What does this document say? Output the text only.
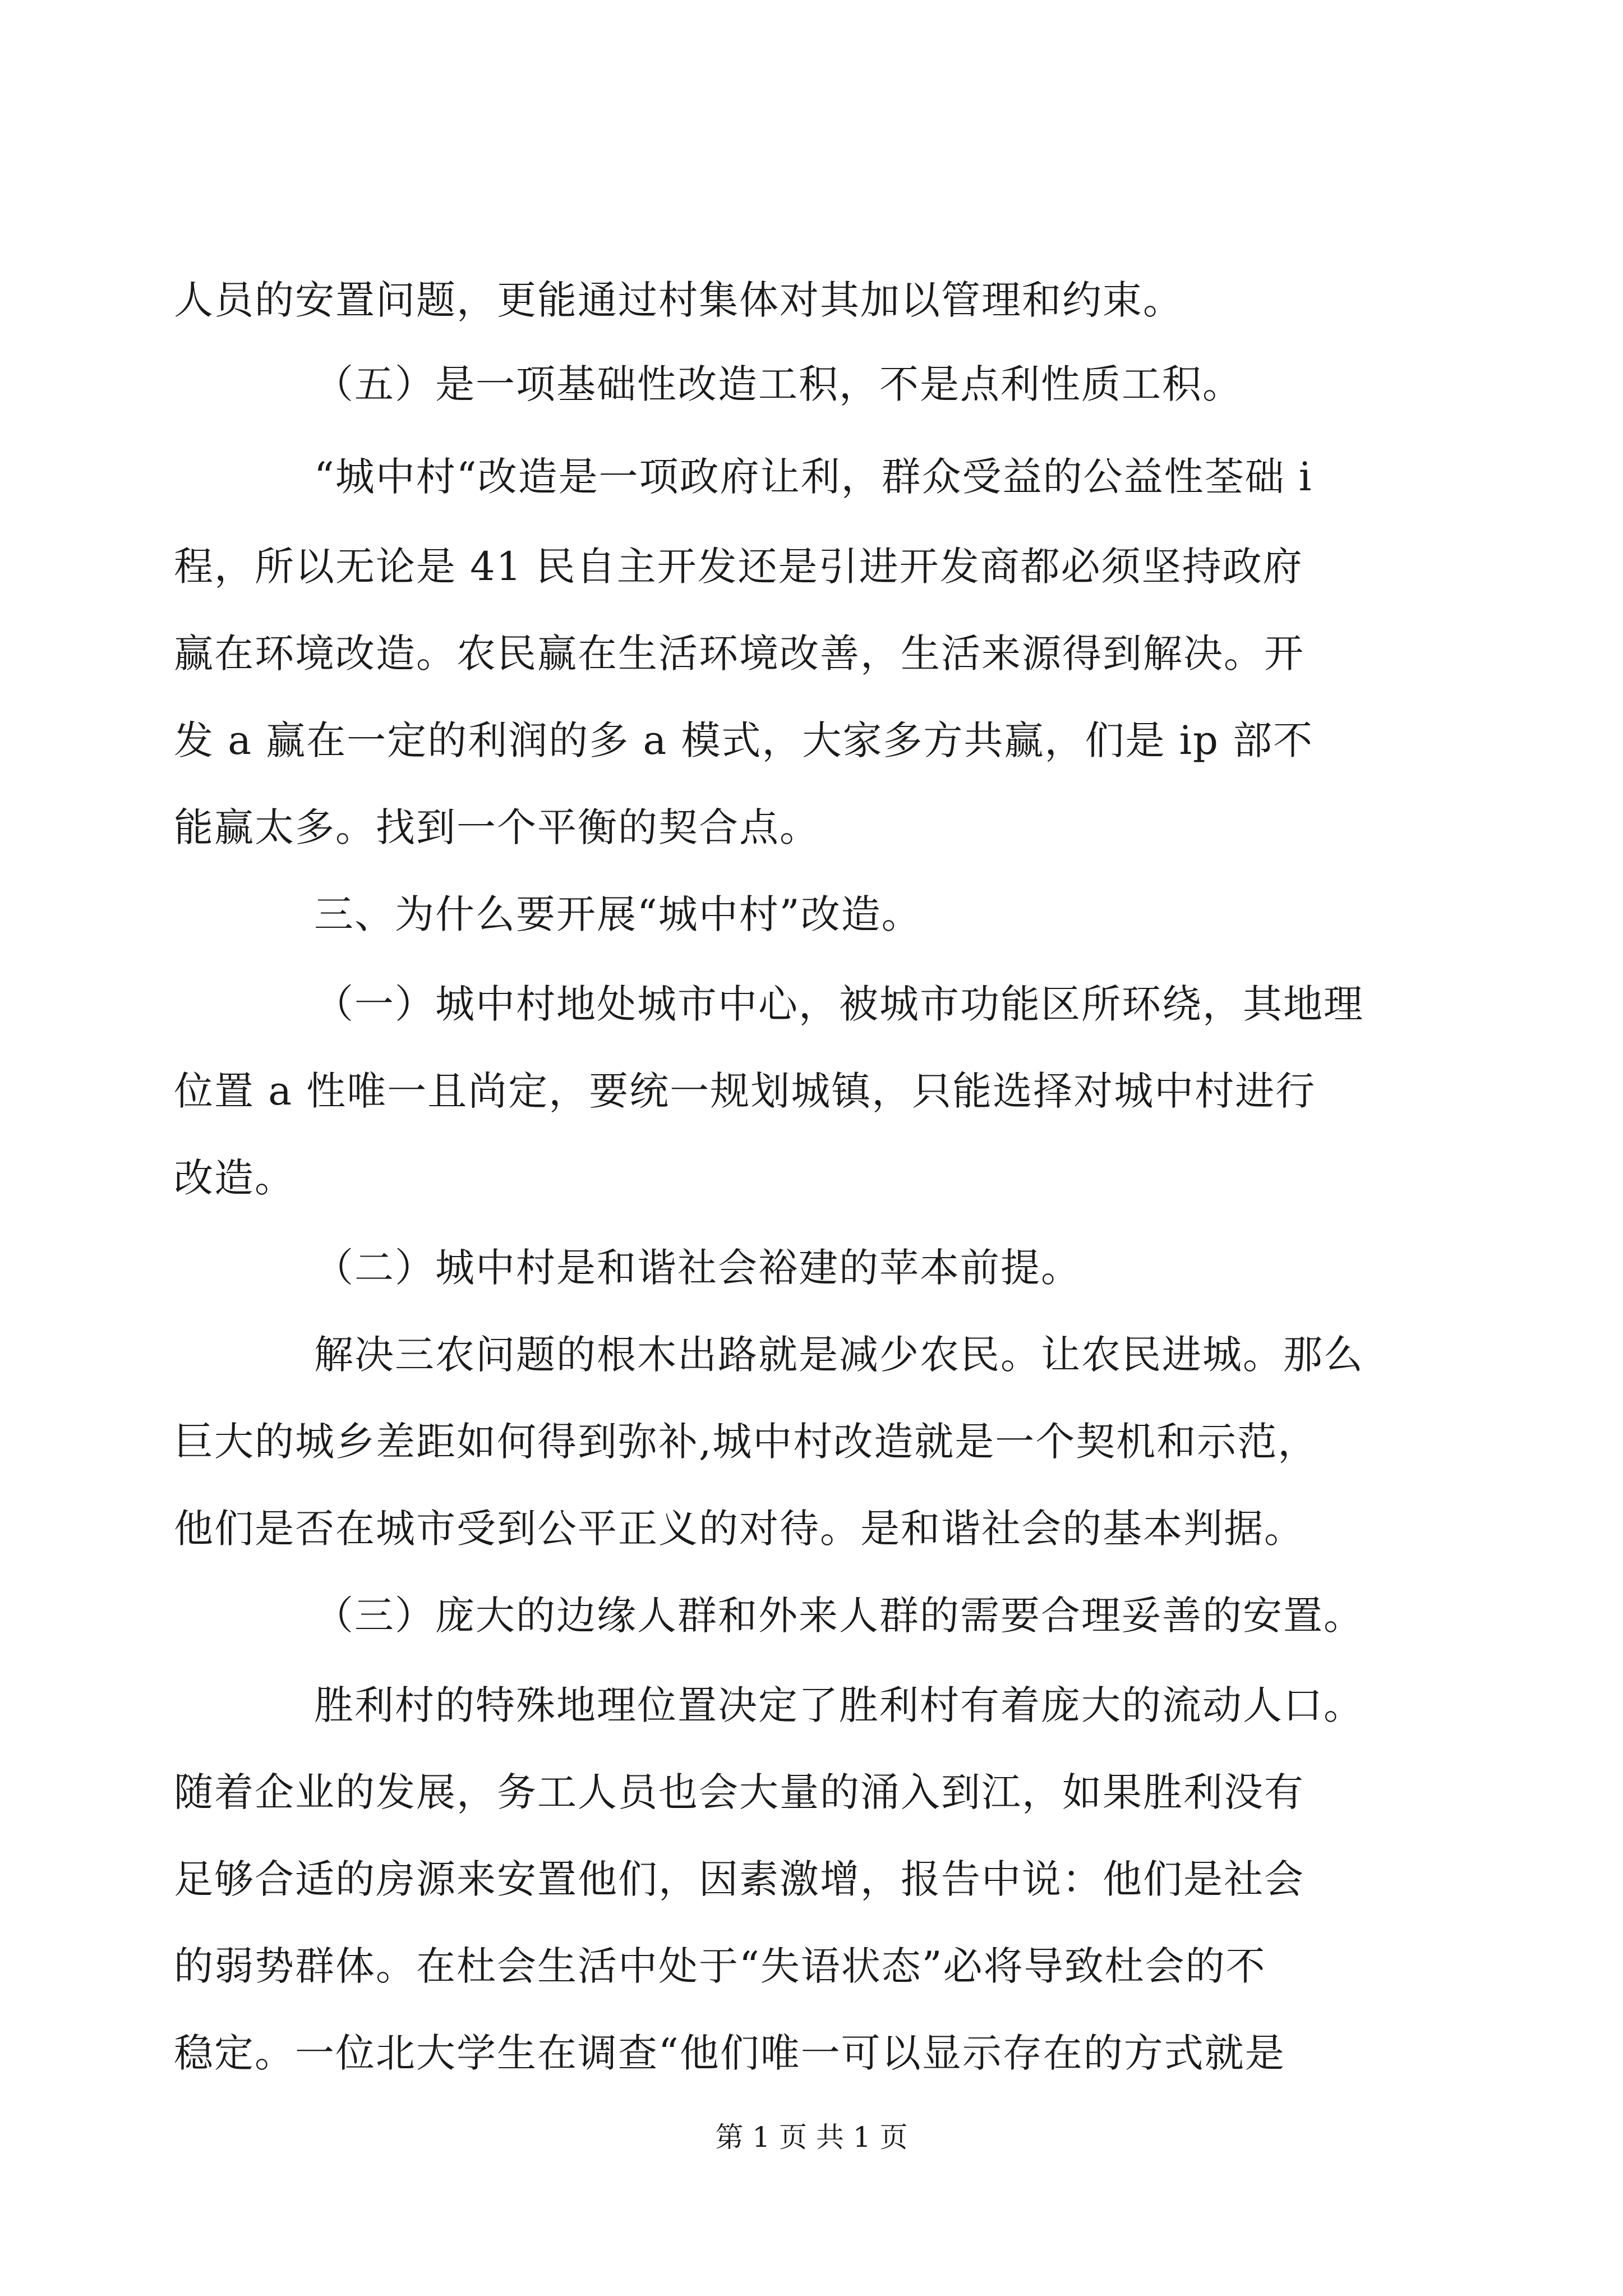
人员的安置问题，更能通过村集体对其加以管理和约束。
（五）是一项基础性改造工积，不是点利性质工积。
“城中村“改造是一项政府让利，群众受益的公益性荃础 i
程，所以无论是 41 民自主开发还是引进开发商都必须坚持政府
赢在环境改造。农民赢在生活环境改善，生活来源得到解决。开
发 a 赢在一定的利润的多 a 模式，大家多方共赢，们是 ip 部不
能赢太多。找到一个平衡的契合点。
三、为什么要开展“城中村”改造。
（一）城中村地处城市中心，被城市功能区所环绕，其地理
位置 a 性唯一且尚定，要统一规划城镇，只能选择对城中村进行
改造。
（二）城中村是和谐社会裕建的苹本前提。
解决三农问题的根木出路就是减少农民。让农民进城。那么
巨大的城乡差距如何得到弥补,城中村改造就是一个契机和示范，
他们是否在城市受到公平正义的对待。是和谐社会的基本判据。
（三）庞大的边缘人群和外来人群的需要合理妥善的安置。
胜利村的特殊地理位置决定了胜利村有着庞大的流动人口。
随着企业的发展，务工人员也会大量的涌入到江，如果胜利没有
足够合适的房源来安置他们，因素激增，报告中说：他们是社会
的弱势群体。在杜会生活中处于“失语状态”必将导致杜会的不
稳定。一位北大学生在调查“他们唯一可以显示存在的方式就是
第 1 页 共 1 页
